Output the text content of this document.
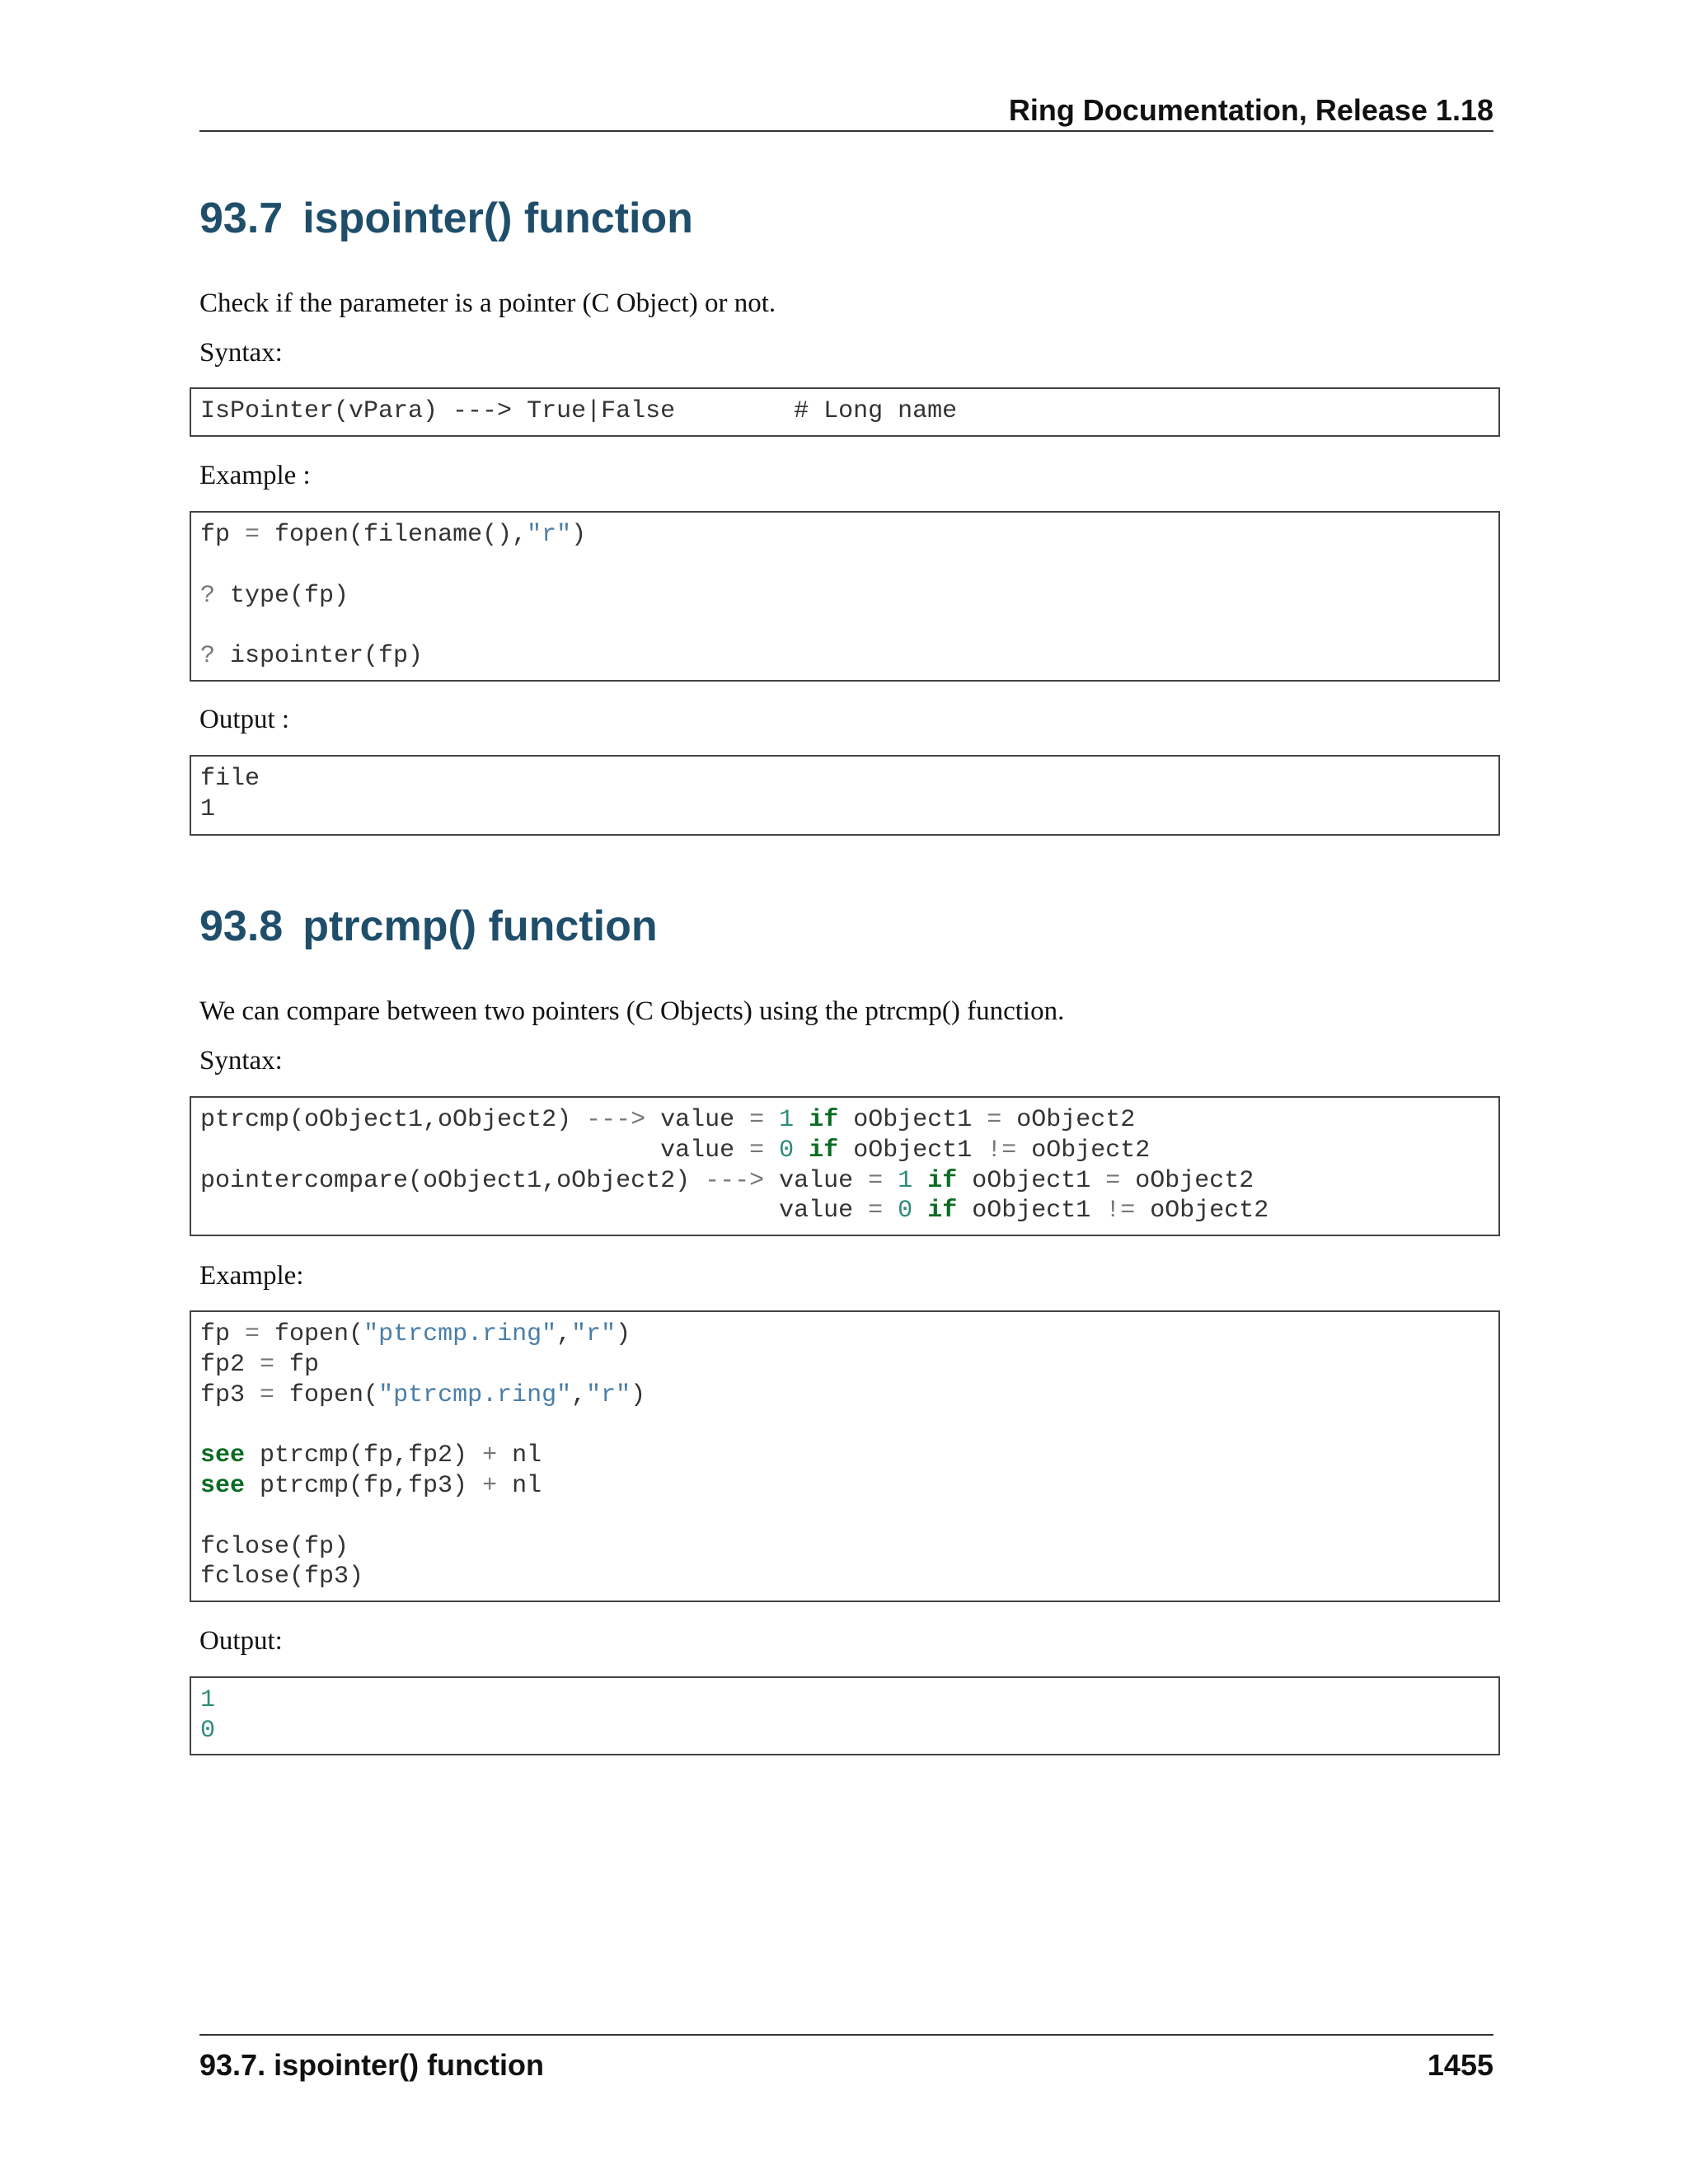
Ring Documentation, Release 1.18
93.7 ispointer() function

Check if the parameter is a pointer (C Object) or not.

Syntax:

IsPointer(vPara) ---> True|False        # Long name

Example :

fp = fopen(filename(),"r")

? type(fp)

? ispointer(fp)

Output :

file
1
93.8 ptrcmp() function

We can compare between two pointers (C Objects) using the ptrcmp() function.

Syntax:

ptrcmp(oObject1,oObject2) ---> value = 1 if oObject1 = oObject2
value = 0 if oObject1 != oObject2
pointercompare(oObject1,oObject2) ---> value = 1 if oObject1 = oObject2
value = 0 if oObject1 != oObject2

Example:

fp = fopen("ptrcmp.ring","r")
fp2 = fp
fp3 = fopen("ptrcmp.ring","r")

see ptrcmp(fp,fp2) + nl
see ptrcmp(fp,fp3) + nl

fclose(fp)
fclose(fp3)

Output:

1
0
93.7. ispointer() function	1455
